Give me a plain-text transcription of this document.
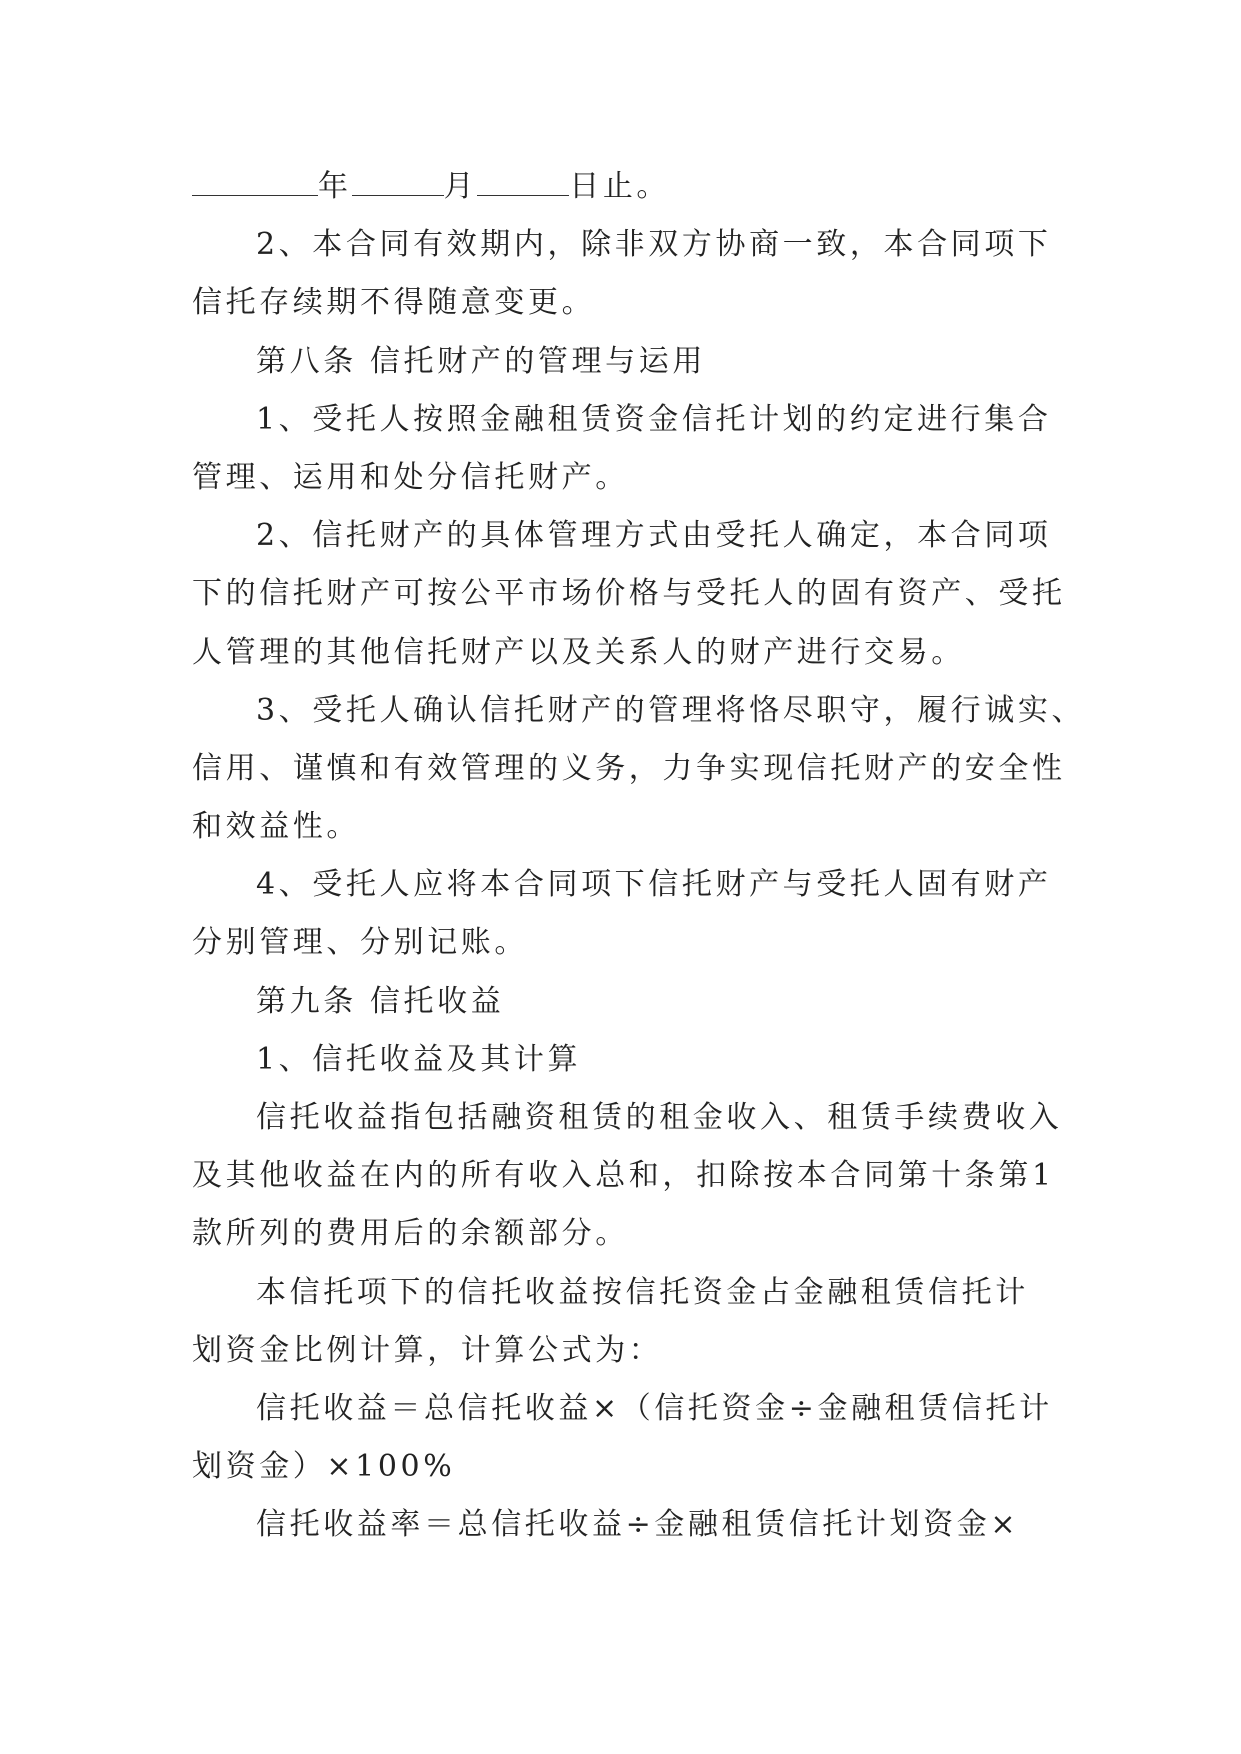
年	月	日止。
2、本合同有效期内，除非双方协商一致，本合同项下
信托存续期不得随意变更。
第八条 信托财产的管理与运用
1、受托人按照金融租赁资金信托计划的约定进行集合
管理、运用和处分信托财产。
2、信托财产的具体管理方式由受托人确定，本合同项
下的信托财产可按公平市场价格与受托人的固有资产、受托
人管理的其他信托财产以及关系人的财产进行交易。
3、受托人确认信托财产的管理将恪尽职守，履行诚实、
信用、谨慎和有效管理的义务，力争实现信托财产的安全性
和效益性。
4、受托人应将本合同项下信托财产与受托人固有财产
分别管理、分别记账。
第九条 信托收益
1、信托收益及其计算
信托收益指包括融资租赁的租金收入、租赁手续费收入
及其他收益在内的所有收入总和，扣除按本合同第十条第1
款所列的费用后的余额部分。
本信托项下的信托收益按信托资金占金融租赁信托计
划资金比例计算，计算公式为：
信托收益＝总信托收益×（信托资金÷金融租赁信托计
划资金）×100%
信托收益率＝总信托收益÷金融租赁信托计划资金×
